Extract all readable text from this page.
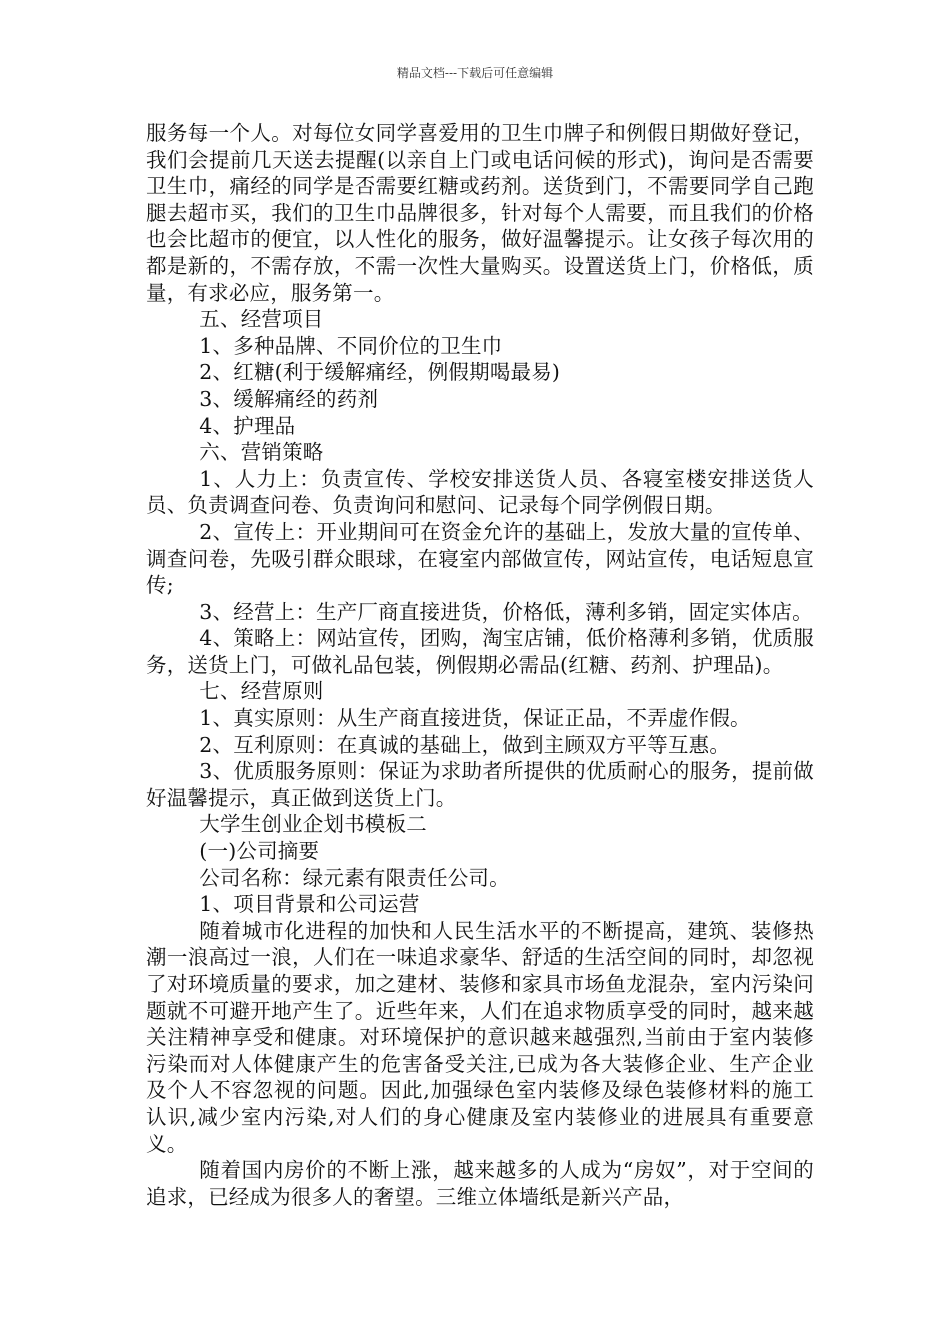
精品文档---下载后可任意编辑

服务每一个人。对每位女同学喜爱用的卫生巾牌子和例假日期做好登记，我们会提前几天送去提醒(以亲自上门或电话问候的形式)，询问是否需要卫生巾，痛经的同学是否需要红糖或药剂。送货到门，不需要同学自己跑腿去超市买，我们的卫生巾品牌很多，针对每个人需要，而且我们的价格也会比超市的便宜，以人性化的服务，做好温馨提示。让女孩子每次用的都是新的，不需存放，不需一次性大量购买。设置送货上门，价格低，质量，有求必应，服务第一。

五、经营项目

1、多种品牌、不同价位的卫生巾

2、红糖(利于缓解痛经，例假期喝最易)

3、缓解痛经的药剂

4、护理品

六、营销策略

1、人力上：负责宣传、学校安排送货人员、各寝室楼安排送货人员、负责调查问卷、负责询问和慰问、记录每个同学例假日期。

2、宣传上：开业期间可在资金允许的基础上，发放大量的宣传单、调查问卷，先吸引群众眼球，在寝室内部做宣传，网站宣传，电话短息宣传;

3、经营上：生产厂商直接进货，价格低，薄利多销，固定实体店。

4、策略上：网站宣传，团购，淘宝店铺，低价格薄利多销，优质服务，送货上门，可做礼品包装，例假期必需品(红糖、药剂、护理品)。

七、经营原则

1、真实原则：从生产商直接进货，保证正品，不弄虚作假。

2、互利原则：在真诚的基础上，做到主顾双方平等互惠。

3、优质服务原则：保证为求助者所提供的优质耐心的服务，提前做好温馨提示，真正做到送货上门。

大学生创业企划书模板二

(一)公司摘要

公司名称：绿元素有限责任公司。

1、项目背景和公司运营

随着城市化进程的加快和人民生活水平的不断提高，建筑、装修热潮一浪高过一浪，人们在一味追求豪华、舒适的生活空间的同时，却忽视了对环境质量的要求，加之建材、装修和家具市场鱼龙混杂，室内污染问题就不可避开地产生了。近些年来，人们在追求物质享受的同时，越来越关注精神享受和健康。对环境保护的意识越来越强烈,当前由于室内装修污染而对人体健康产生的危害备受关注,已成为各大装修企业、生产企业及个人不容忽视的问题。因此,加强绿色室内装修及绿色装修材料的施工认识,减少室内污染,对人们的身心健康及室内装修业的进展具有重要意义。

随着国内房价的不断上涨，越来越多的人成为“房奴”，对于空间的追求，已经成为很多人的奢望。三维立体墙纸是新兴产品，
